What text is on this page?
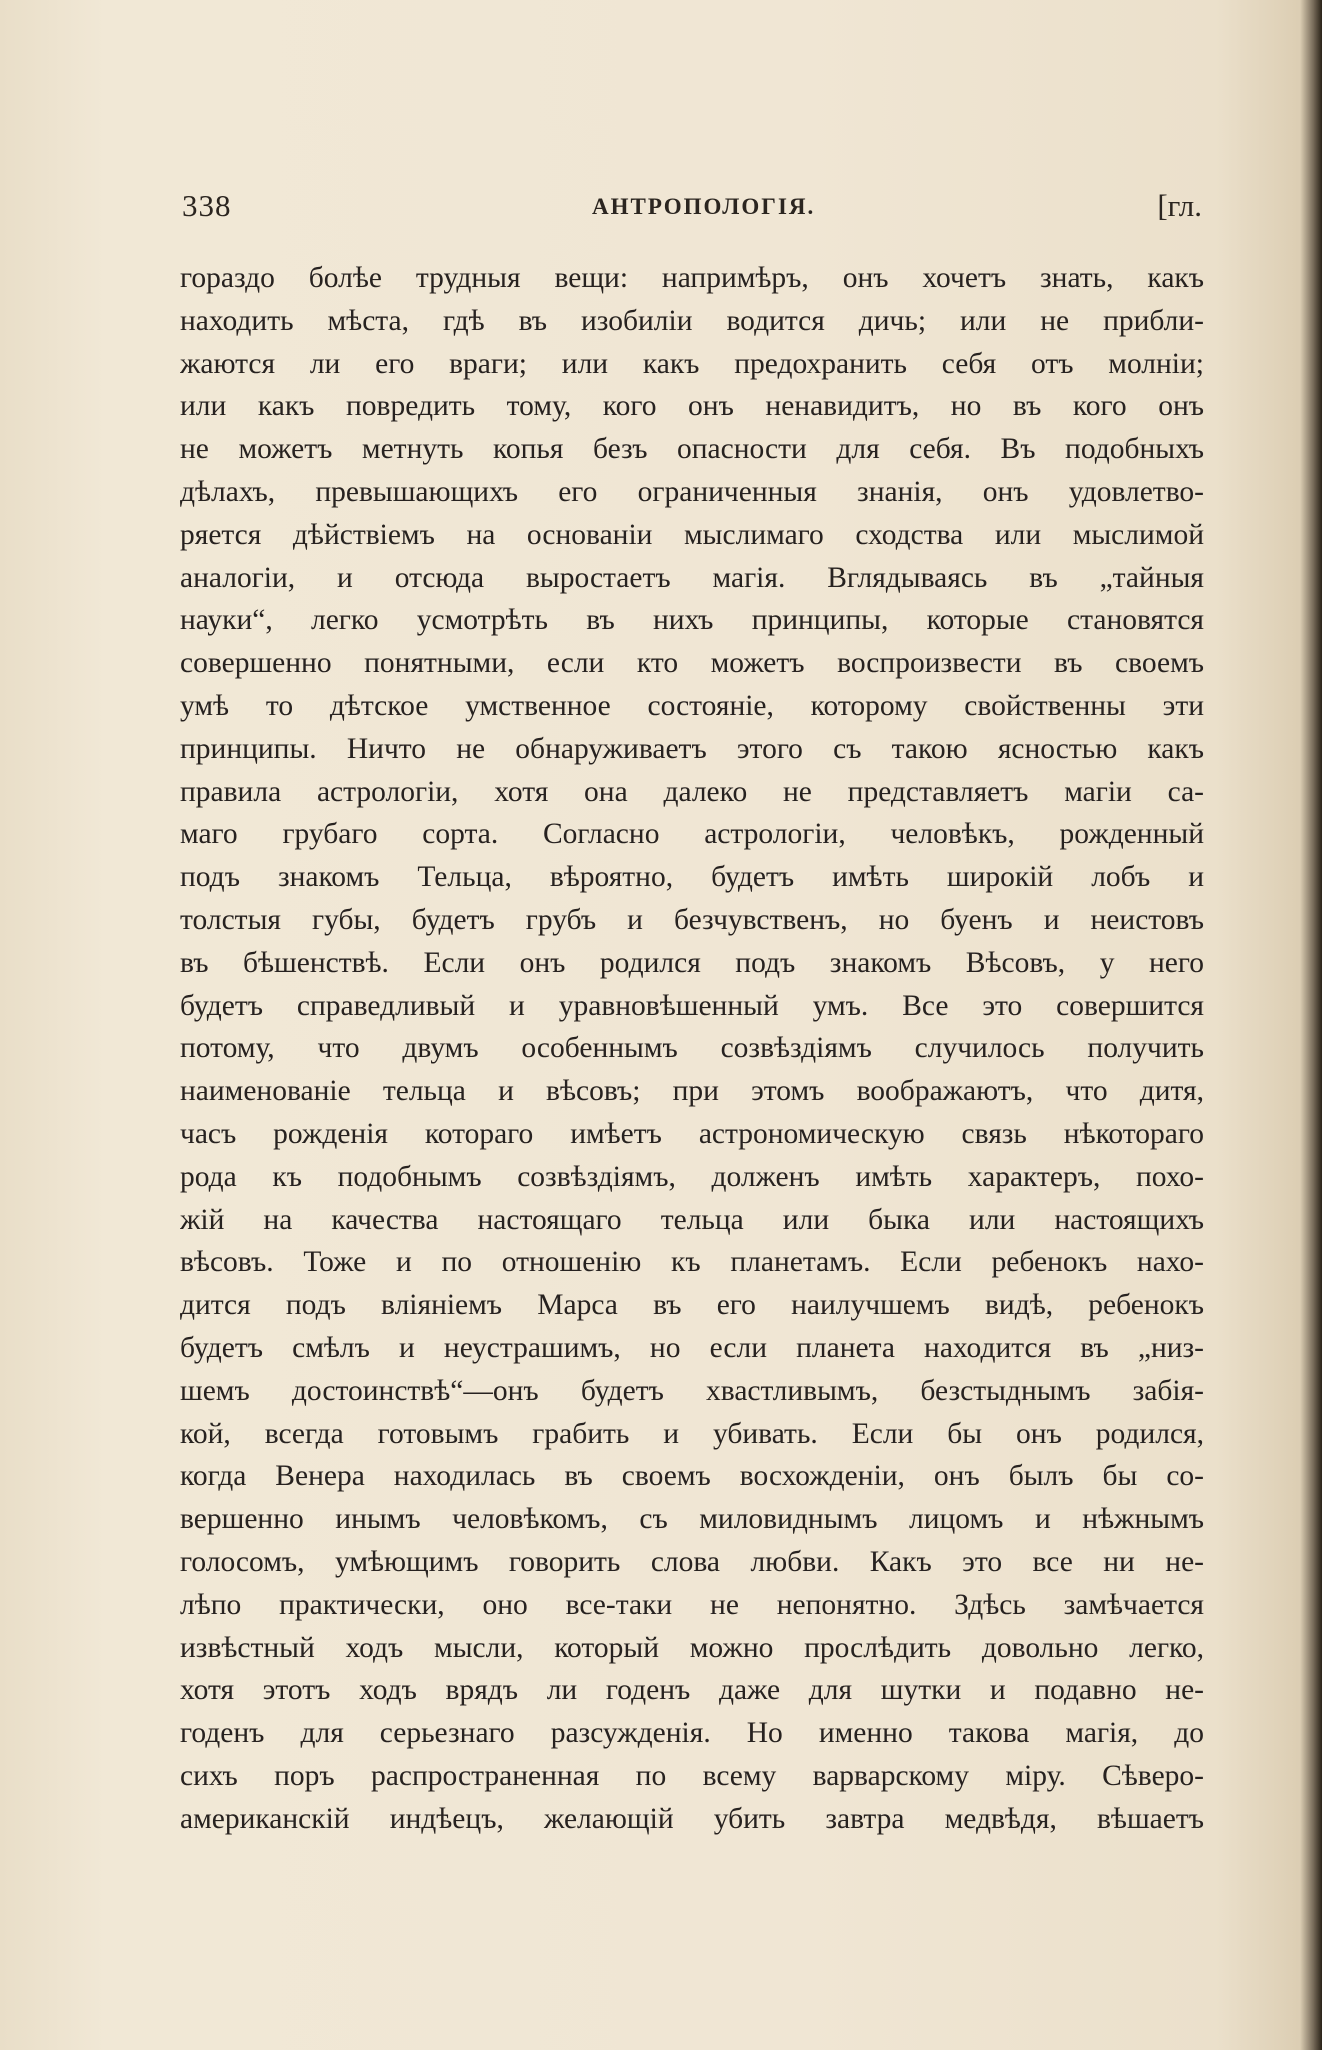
338	АНТРОПОЛОГІЯ.	[гл.
гораздо болѣе трудныя вещи: напримѣръ, онъ хочетъ знать, какъ
находить мѣста, гдѣ въ изобиліи водится дичь; или не прибли-
жаются ли его враги; или какъ предохранить себя отъ молніи;
или какъ повредить тому, кого онъ ненавидитъ, но въ кого онъ
не можетъ метнуть копья безъ опасности для себя. Въ подобныхъ
дѣлахъ, превышающихъ его ограниченныя знанія, онъ удовлетво-
ряется дѣйствіемъ на основаніи мыслимаго сходства или мыслимой
аналогіи, и отсюда выростаетъ магія. Вглядываясь въ „тайныя
науки“, легко усмотрѣть въ нихъ принципы, которые становятся
совершенно понятными, если кто можетъ воспроизвести въ своемъ
умѣ то дѣтское умственное состояніе, которому свойственны эти
принципы. Ничто не обнаруживаетъ этого съ такою ясностью какъ
правила астрологіи, хотя она далеко не представляетъ магіи са-
маго грубаго сорта. Согласно астрологіи, человѣкъ, рожденный
подъ знакомъ Тельца, вѣроятно, будетъ имѣть широкій лобъ и
толстыя губы, будетъ грубъ и безчувственъ, но буенъ и неистовъ
въ бѣшенствѣ. Если онъ родился подъ знакомъ Вѣсовъ, у него
будетъ справедливый и уравновѣшенный умъ. Все это совершится
потому, что двумъ особеннымъ созвѣздіямъ случилось получить
наименованіе тельца и вѣсовъ; при этомъ воображаютъ, что дитя,
часъ рожденія котораго имѣетъ астрономическую связь нѣкотораго
рода къ подобнымъ созвѣздіямъ, долженъ имѣть характеръ, похо-
жій на качества настоящаго тельца или быка или настоящихъ
вѣсовъ. Тоже и по отношенію къ планетамъ. Если ребенокъ нахо-
дится подъ вліяніемъ Марса въ его наилучшемъ видѣ, ребенокъ
будетъ смѣлъ и неустрашимъ, но если планета находится въ „низ-
шемъ достоинствѣ“—онъ будетъ хвастливымъ, безстыднымъ забія-
кой, всегда готовымъ грабить и убивать. Если бы онъ родился,
когда Венера находилась въ своемъ восхожденіи, онъ былъ бы со-
вершенно инымъ человѣкомъ, съ миловиднымъ лицомъ и нѣжнымъ
голосомъ, умѣющимъ говорить слова любви. Какъ это все ни не-
лѣпо практически, оно все-таки не непонятно. Здѣсь замѣчается
извѣстный ходъ мысли, который можно прослѣдить довольно легко,
хотя этотъ ходъ врядъ ли годенъ даже для шутки и подавно не-
годенъ для серьезнаго разсужденія. Но именно такова магія, до
сихъ поръ распространенная по всему варварскому міру. Сѣверо-
американскій индѣецъ, желающій убить завтра медвѣдя, вѣшаетъ
